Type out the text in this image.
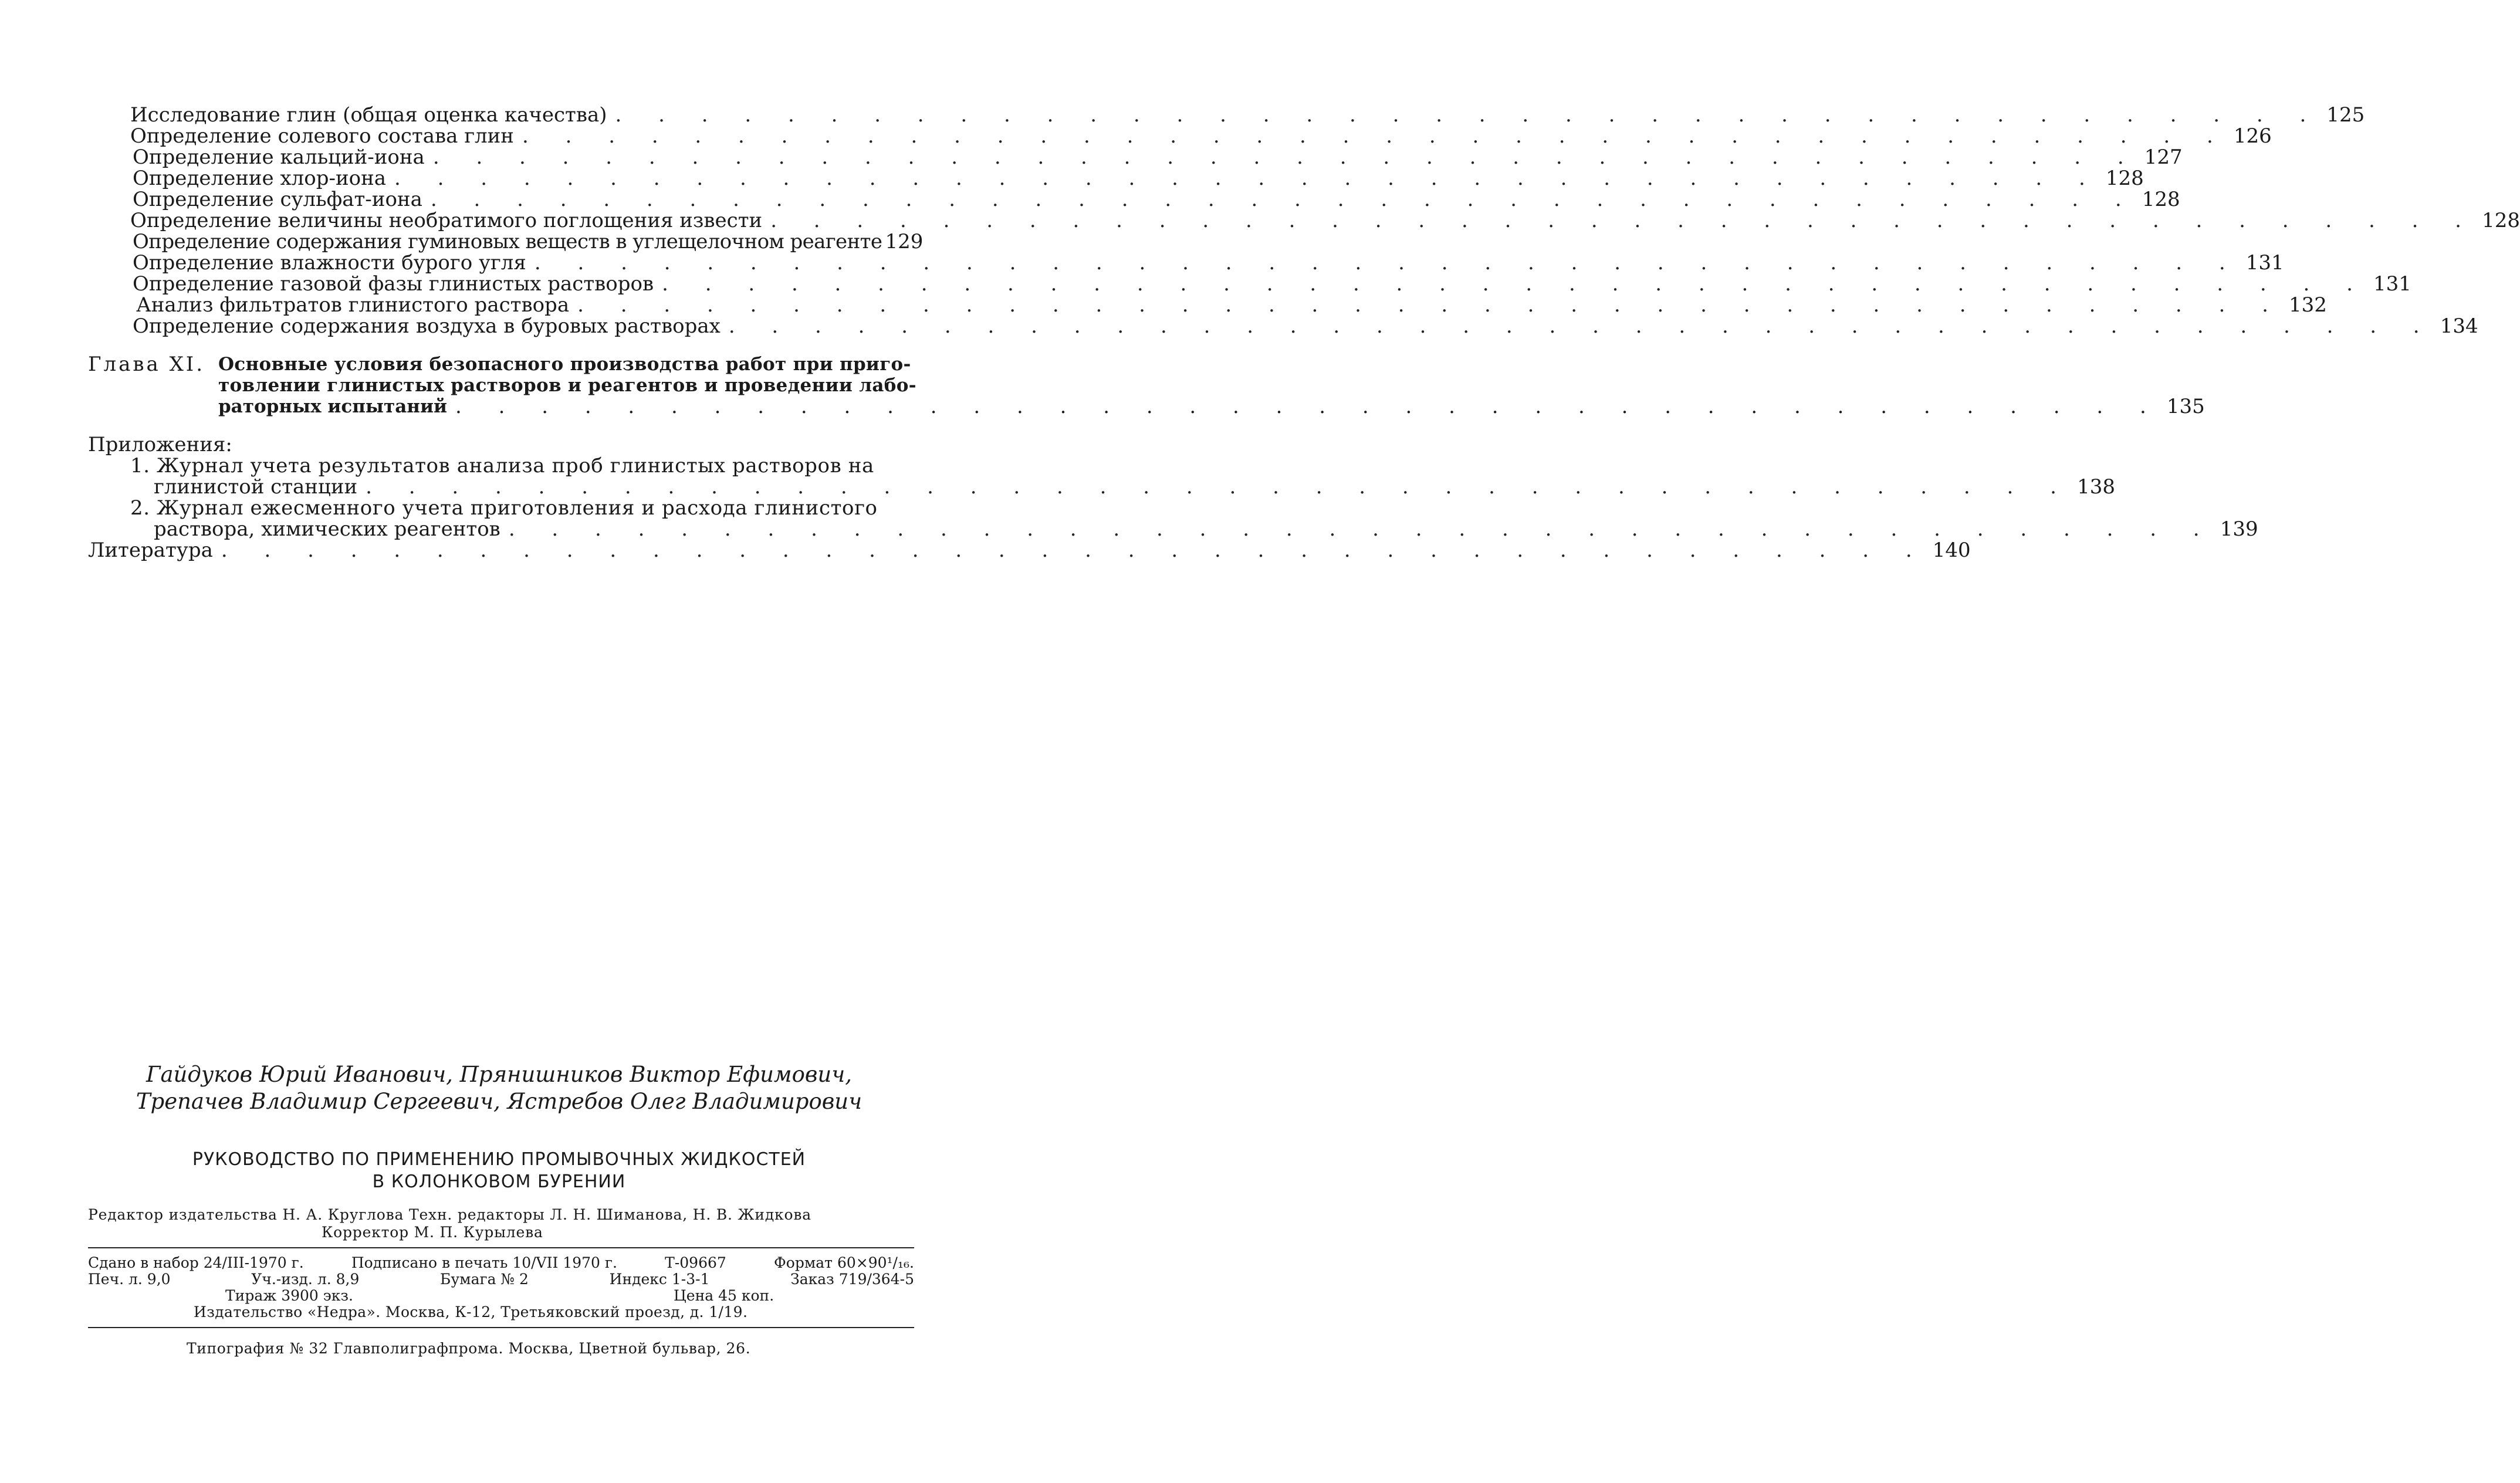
Исследование глин (общая оценка качества) . . . . . . . . . . . . . . . . . . . . . . . . . . . . . . . . . . . . . . . . 125
Определение солевого состава глин . . . . . . . . . . . . . . . . . . . . . . . . . . . . . . . . . . . . . . . . 126
Определение кальций-иона . . . . . . . . . . . . . . . . . . . . . . . . . . . . . . . . . . . . . . . . 127
Определение хлор-иона . . . . . . . . . . . . . . . . . . . . . . . . . . . . . . . . . . . . . . . . 128
Определение сульфат-иона . . . . . . . . . . . . . . . . . . . . . . . . . . . . . . . . . . . . . . . . 128
Определение величины необратимого поглощения извести . . . . . . . . . . . . . . . . . . . . . . . . . . . . . . . . . . . . . . . . 128
Определение содержания гуминовых веществ в углещелочном реагенте 129
Определение влажности бурого угля . . . . . . . . . . . . . . . . . . . . . . . . . . . . . . . . . . . . . . . . 131
Определение газовой фазы глинистых растворов . . . . . . . . . . . . . . . . . . . . . . . . . . . . . . . . . . . . . . . . 131
Анализ фильтратов глинистого раствора . . . . . . . . . . . . . . . . . . . . . . . . . . . . . . . . . . . . . . . . 132
Определение содержания воздуха в буровых растворах . . . . . . . . . . . . . . . . . . . . . . . . . . . . . . . . . . . . . . . . 134
Глава XI. Основные условия безопасного производства работ при приго-
товлении глинистых растворов и реагентов и проведении лабо-
раторных испытаний . . . . . . . . . . . . . . . . . . . . . . . . . . . . . . . . . . . . . . . . 135
Приложения:
1. Журнал учета результатов анализа проб глинистых растворов на
глинистой станции . . . . . . . . . . . . . . . . . . . . . . . . . . . . . . . . . . . . . . . . 138
2. Журнал ежесменного учета приготовления и расхода глинистого
раствора, химических реагентов . . . . . . . . . . . . . . . . . . . . . . . . . . . . . . . . . . . . . . . . 139
Литература . . . . . . . . . . . . . . . . . . . . . . . . . . . . . . . . . . . . . . . . 140
Гайдуков Юрий Иванович, Прянишников Виктор Ефимович,
Трепачев Владимир Сергеевич, Ястребов Олег Владимирович
РУКОВОДСТВО ПО ПРИМЕНЕНИЮ ПРОМЫВОЧНЫХ ЖИДКОСТЕЙ
В КОЛОНКОВОМ БУРЕНИИ
Редактор издательства Н. А. Круглова Техн. редакторы Л. Н. Шиманова, Н. В. Жидкова
Корректор М. П. Курылева
Сдано в набор 24/III-1970 г.	Подписано в печать 10/VII 1970 г.	Т-09667	Формат 60×90¹/₁₆.
Печ. л. 9,0	Уч.-изд. л. 8,9	Бумага № 2	Индекс 1-3-1	Заказ 719/364-5
Тираж 3900 экз.	Цена 45 коп.
Издательство «Недра». Москва, К-12, Третьяковский проезд, д. 1/19.
Типография № 32 Главполиграфпрома. Москва, Цветной бульвар, 26.
